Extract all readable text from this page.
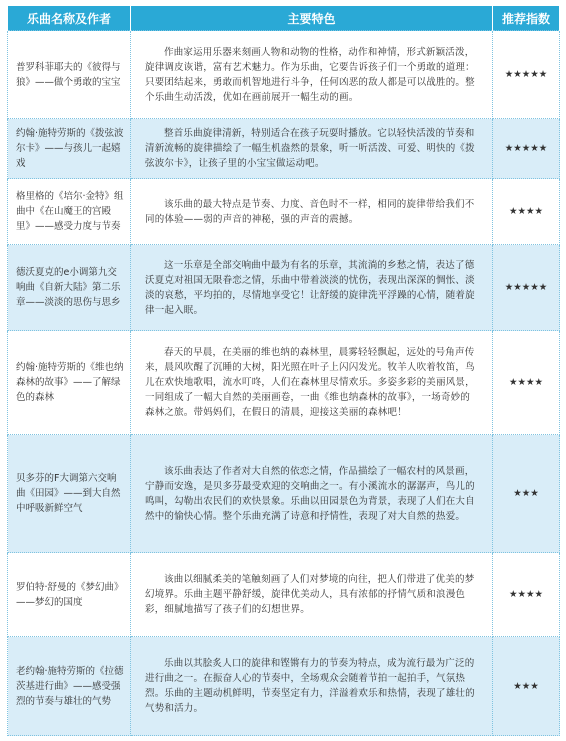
乐曲名称及作者	主要特色	推荐指数
普罗科菲耶夫的《彼得与狼》——做个勇敢的宝宝	作曲家运用乐器来刻画人物和动物的性格，动作和神情，形式新颖活泼，旋律调皮诙谐，富有艺术魅力。作为乐曲，它要告诉孩子们一个勇敢的道理：只要团结起来，勇敢而机智地进行斗争，任何凶恶的敌人都是可以战胜的。整个乐曲生动活泼，优如在画前展开一幅生动的画。	★★★★★
约翰·施特劳斯的《拨弦波尔卡》——与孩儿一起嬉戏	整首乐曲旋律清新，特别适合在孩子玩耍时播放。它以轻快活泼的节奏和清新流畅的旋律描绘了一幅生机盎然的景象，听一听活泼、可爱、明快的《拨弦波尔卡》，让孩子里的小宝宝做运动吧。	★★★★★
格里格的《培尔·金特》组曲中《在山魔王的宫殿里》——感受力度与节奏	该乐曲的最大特点是节奏、力度、音色时不一样，相同的旋律带给我们不同的体验——弱的声音的神秘，强的声音的震撼。	★★★★
德沃夏克的e小调第九交响曲《自新大陆》第二乐章——淡淡的思伤与思乡	这一乐章是全部交响曲中最为有名的乐章，其流淌的乡愁之情，表达了德沃夏克对祖国无限眷恋之情，乐曲中带着淡淡的忧伤，表现出深深的惆怅、淡淡的哀愁，平均拍的，尽情地享受它！让舒缓的旋律洗平浮躁的心情，随着旋律一起入眠。	★★★★★
约翰·施特劳斯的《维也纳森林的故事》——了解绿色的森林	春天的早晨，在美丽的维也纳的森林里，晨雾轻轻飘起，远处的号角声传来，晨风吹醒了沉睡的大树，阳光照在叶子上闪闪发光。牧羊人吹着牧笛，鸟儿在欢快地歌唱，流水叮咚，人们在森林里尽情欢乐。多姿多彩的美丽风景，一同组成了一幅大自然的美丽画卷，一曲《维也纳森林的故事》，一场奇妙的森林之旅。带妈妈们，在假日的清晨，迎接这美丽的森林吧！	★★★★
贝多芬的F大调第六交响曲《田园》——到大自然中呼吸新鲜空气	该乐曲表达了作者对大自然的依恋之情，作品描绘了一幅农村的风景画，宁静而安逸，是贝多芬最受欢迎的交响曲之一。有小溪流水的潺潺声，鸟儿的鸣叫，勾勒出农民们的欢快景象。乐曲以田园景色为背景，表现了人们在大自然中的愉快心情。整个乐曲充满了诗意和抒情性，表现了对大自然的热爱。	★★★
罗伯特·舒曼的《梦幻曲》——梦幻的国度	该曲以细腻柔美的笔触刻画了人们对梦境的向往，把人们带进了优美的梦幻境界。乐曲主题平静舒缓，旋律优美动人，具有浓郁的抒情气质和浪漫色彩，细腻地描写了孩子们的幻想世界。	★★★★
老约翰·施特劳斯的《拉德茨基进行曲》——感受强烈的节奏与雄壮的气势	乐曲以其脍炙人口的旋律和铿锵有力的节奏为特点，成为流行最为广泛的进行曲之一。在振奋人心的节奏中，全场观众会随着节拍一起拍手，气氛热烈。乐曲的主题动机鲜明，节奏坚定有力，洋溢着欢乐和热情，表现了雄壮的气势和活力。	★★★
